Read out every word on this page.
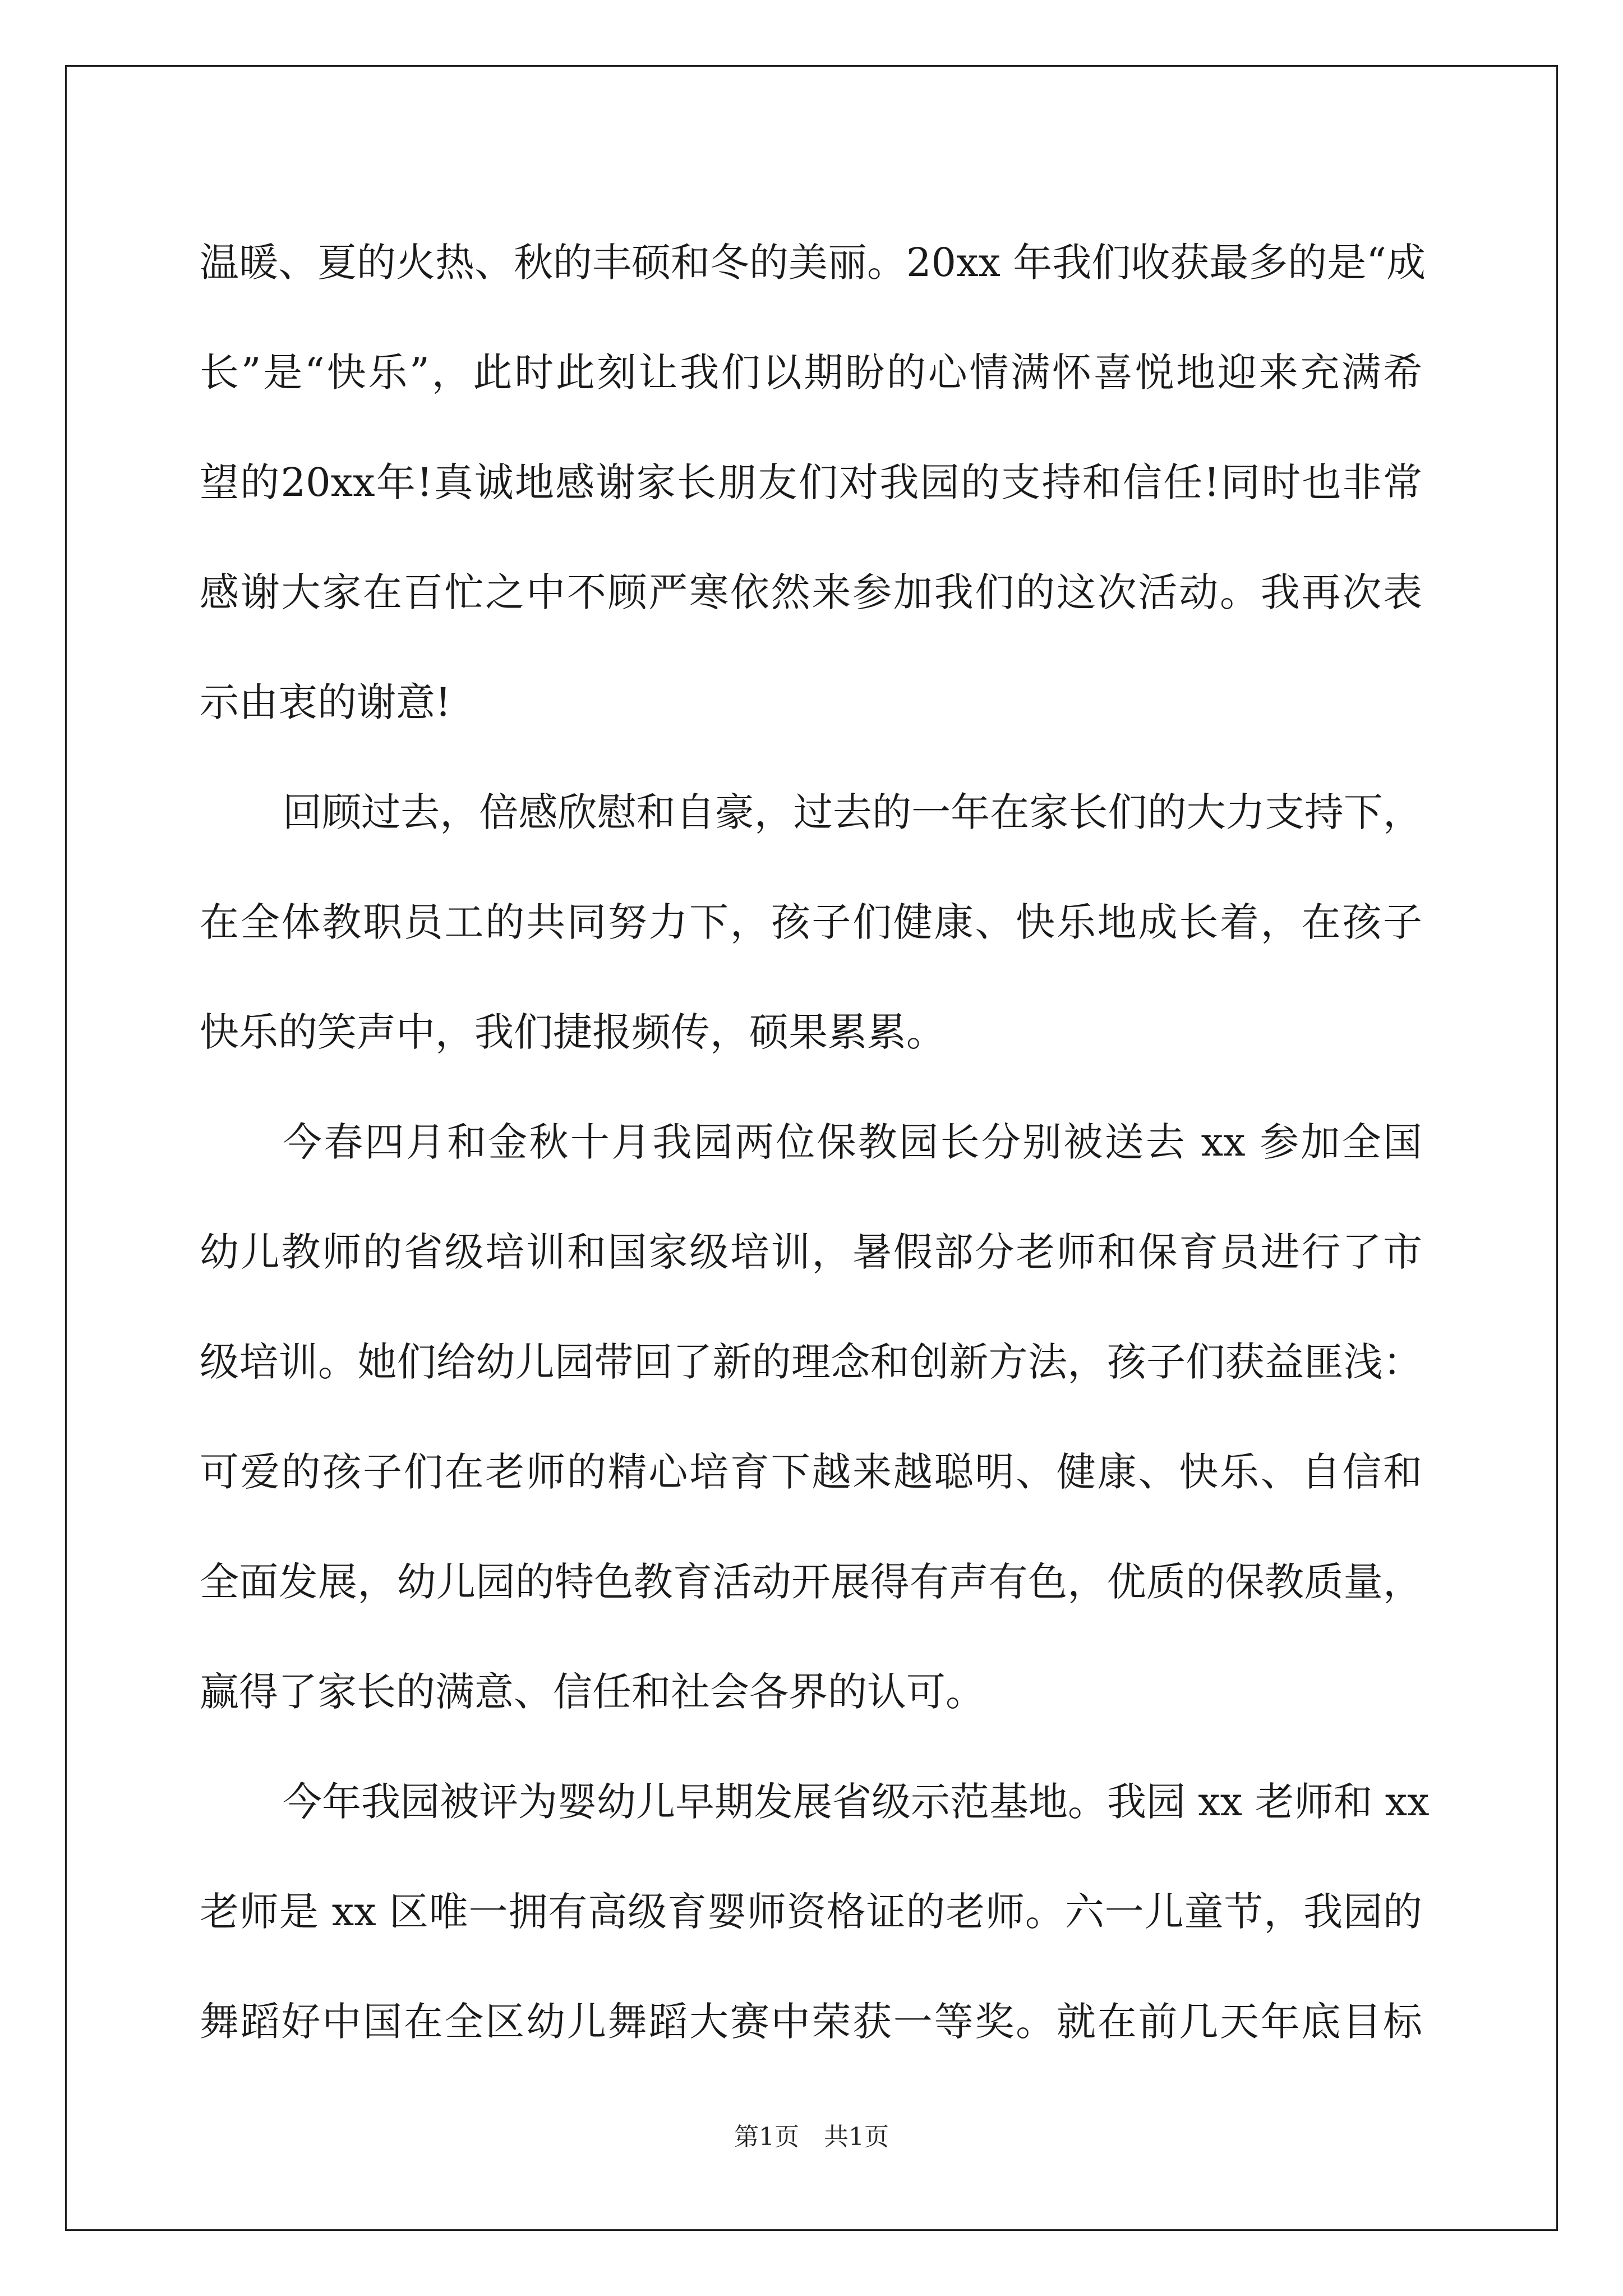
温暖、夏的火热、秋的丰硕和冬的美丽。20xx 年我们收获最多的是“成
长”是“快乐”，此时此刻让我们以期盼的心情满怀喜悦地迎来充满希
望的20xx年!真诚地感谢家长朋友们对我园的支持和信任!同时也非常
感谢大家在百忙之中不顾严寒依然来参加我们的这次活动。我再次表
示由衷的谢意!
回顾过去，倍感欣慰和自豪，过去的一年在家长们的大力支持下，
在全体教职员工的共同努力下，孩子们健康、快乐地成长着，在孩子
快乐的笑声中，我们捷报频传，硕果累累。
今春四月和金秋十月我园两位保教园长分别被送去 xx 参加全国
幼儿教师的省级培训和国家级培训，暑假部分老师和保育员进行了市
级培训。她们给幼儿园带回了新的理念和创新方法，孩子们获益匪浅：
可爱的孩子们在老师的精心培育下越来越聪明、健康、快乐、自信和
全面发展，幼儿园的特色教育活动开展得有声有色，优质的保教质量，
赢得了家长的满意、信任和社会各界的认可。
今年我园被评为婴幼儿早期发展省级示范基地。我园 xx 老师和 xx
老师是 xx 区唯一拥有高级育婴师资格证的老师。六一儿童节，我园的
舞蹈好中国在全区幼儿舞蹈大赛中荣获一等奖。就在前几天年底目标
第1页　共1页
